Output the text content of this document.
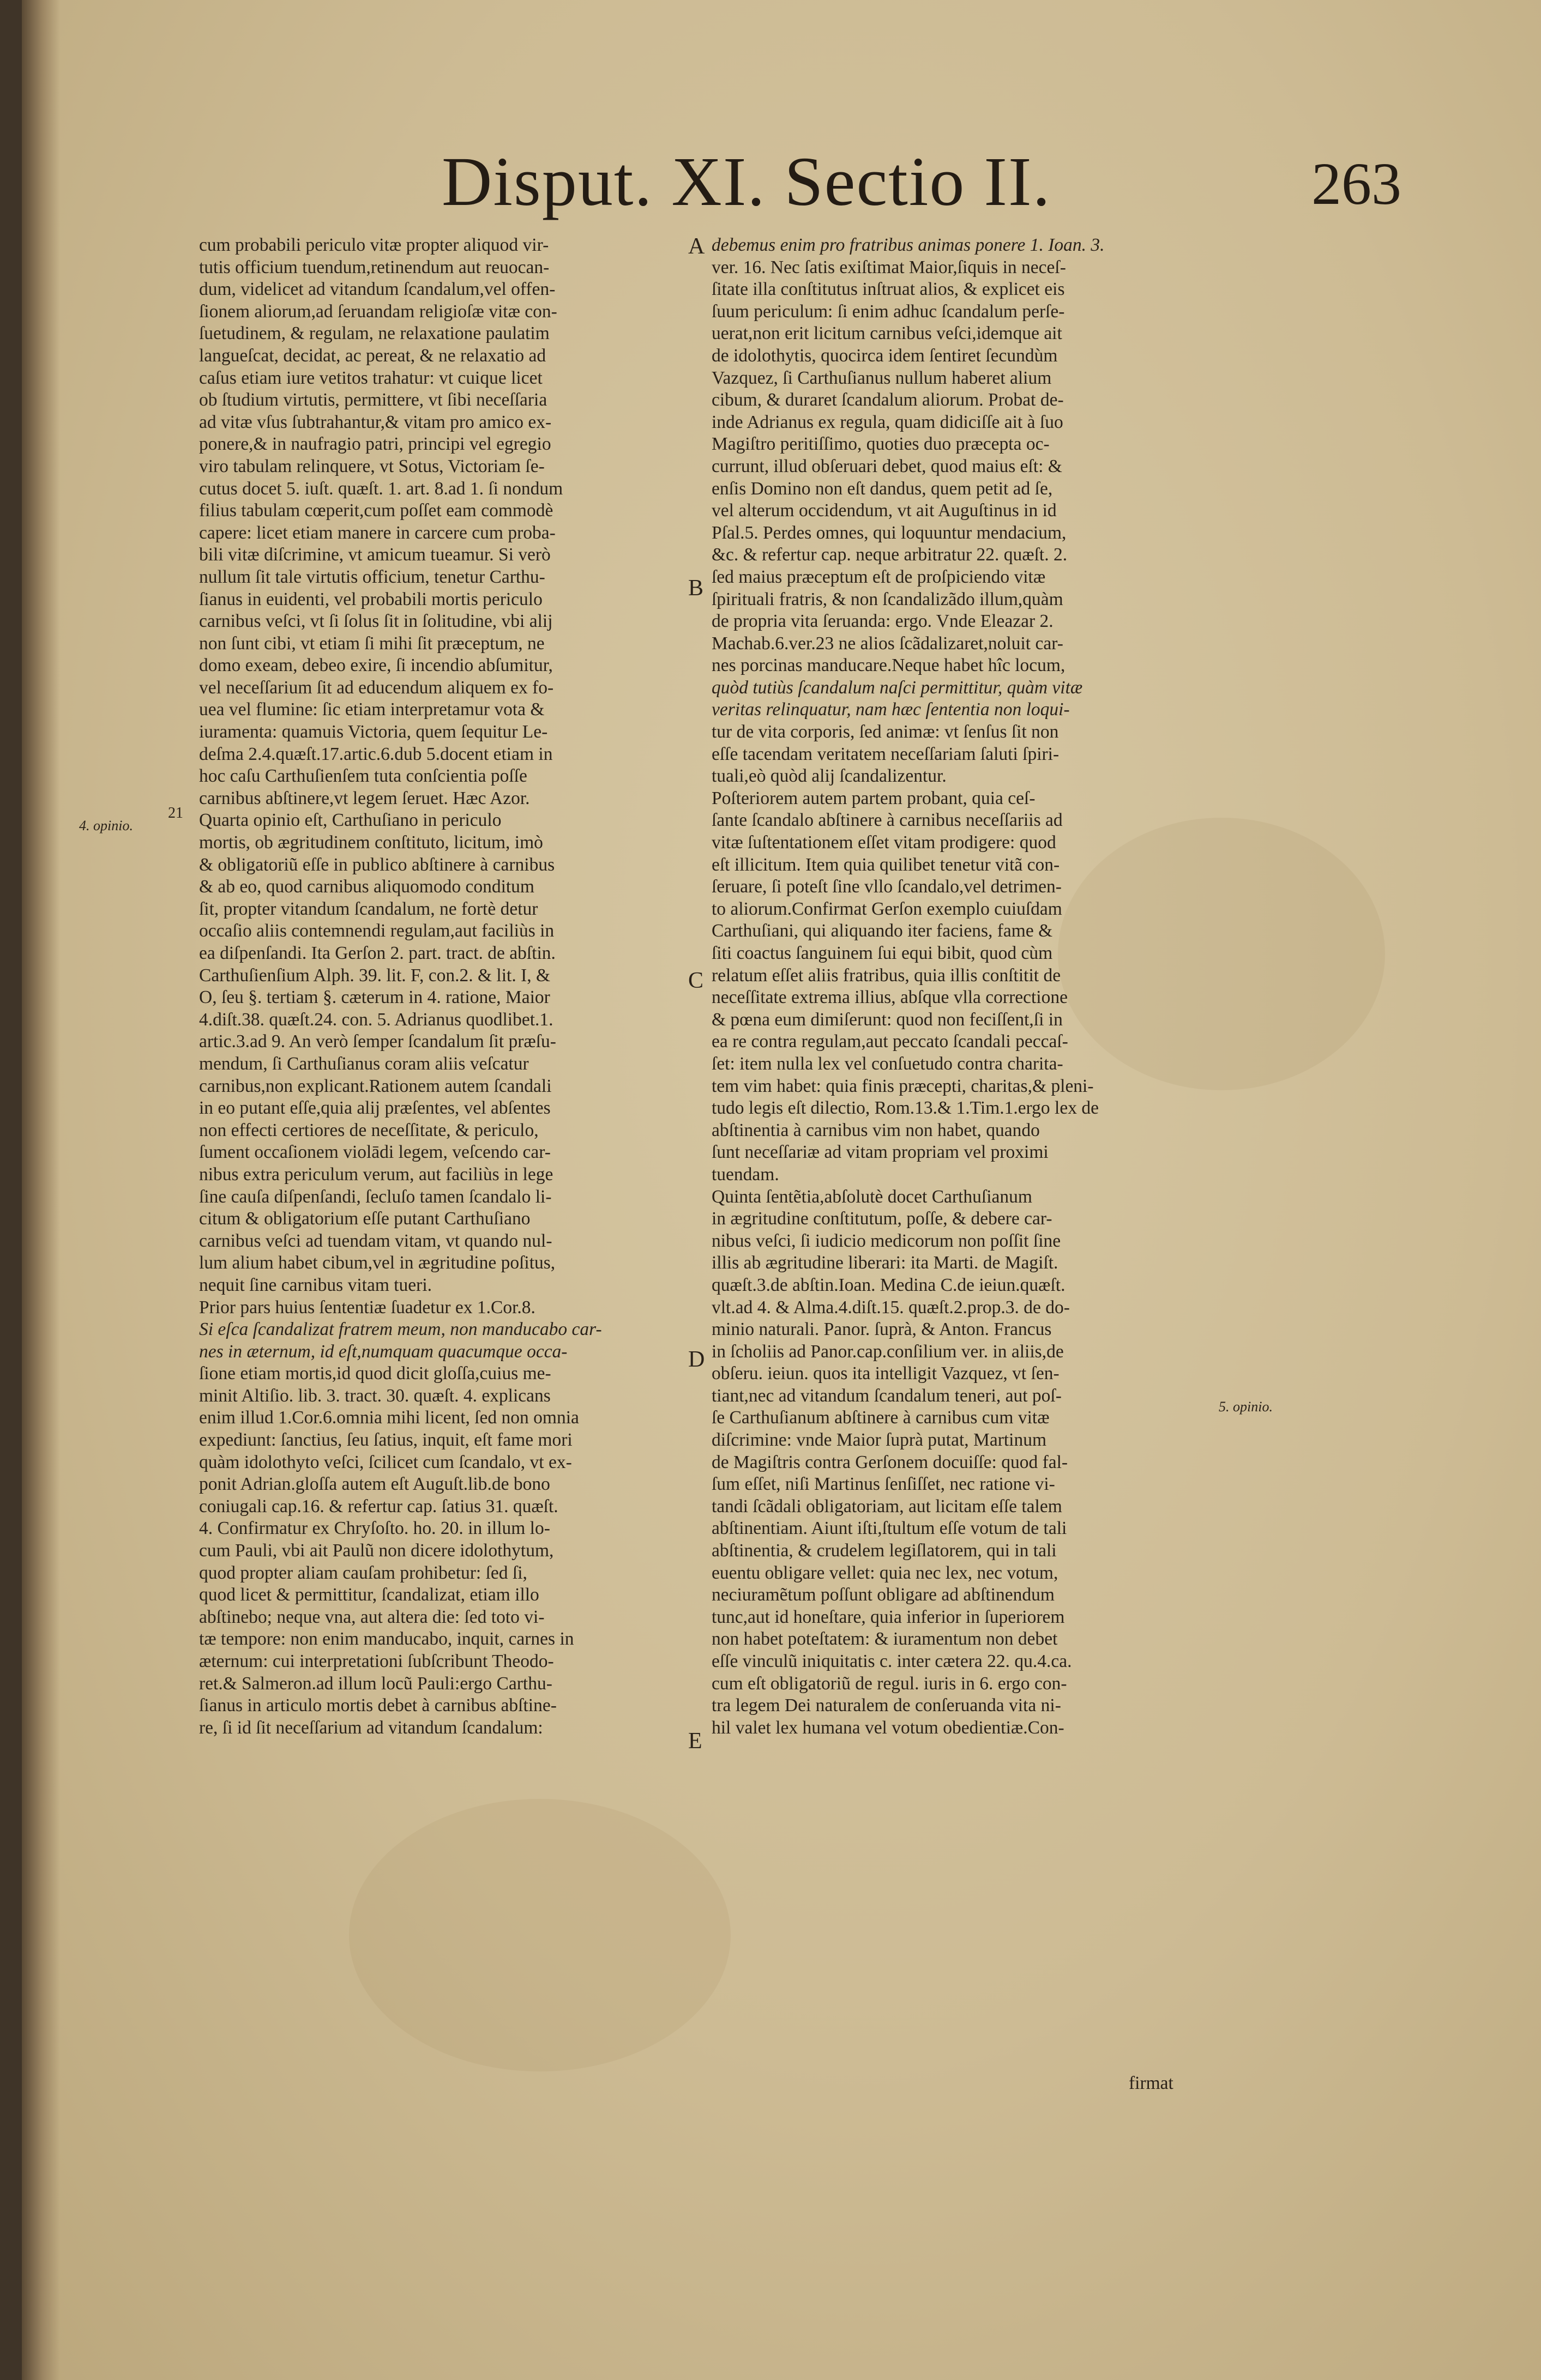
Disput. XI. Sectio II.	263
cum probabili periculo vitæ propter aliquod vir-
tutis officium tuendum,retinendum aut reuocan-
dum, videlicet ad vitandum ſcandalum,vel offen-
ſionem aliorum,ad ſeruandam religioſæ vitæ con-
ſuetudinem, & regulam, ne relaxatione paulatim
langueſcat, decidat, ac pereat, & ne relaxatio ad
caſus etiam iure vetitos trahatur: vt cuique licet
ob ſtudium virtutis, permittere, vt ſibi neceſſaria
ad vitæ vſus ſubtrahantur,& vitam pro amico ex-
ponere,& in naufragio patri, principi vel egregio
viro tabulam relinquere, vt Sotus, Victoriam ſe-
cutus docet 5. iuſt. quæſt. 1. art. 8.ad 1. ſi nondum
filius tabulam cœperit,cum poſſet eam commodè
capere: licet etiam manere in carcere cum proba-
bili vitæ diſcrimine, vt amicum tueamur. Si verò
nullum ſit tale virtutis officium, tenetur Carthu-
ſianus in euidenti, vel probabili mortis periculo
carnibus veſci, vt ſi ſolus ſit in ſolitudine, vbi alij
non ſunt cibi, vt etiam ſi mihi ſit præceptum, ne
domo exeam, debeo exire, ſi incendio abſumitur,
vel neceſſarium ſit ad educendum aliquem ex fo-
uea vel flumine: ſic etiam interpretamur vota &
iuramenta: quamuis Victoria, quem ſequitur Le-
deſma 2.4.quæſt.17.artic.6.dub 5.docent etiam in
hoc caſu Carthuſienſem tuta conſcientia poſſe
carnibus abſtinere,vt legem ſeruet. Hæc Azor.
Quarta opinio eſt, Carthuſiano in periculo
mortis, ob ægritudinem conſtituto, licitum, imò
& obligatoriũ eſſe in publico abſtinere à carnibus
& ab eo, quod carnibus aliquomodo conditum
ſit, propter vitandum ſcandalum, ne fortè detur
occaſio aliis contemnendi regulam,aut faciliùs in
ea diſpenſandi. Ita Gerſon 2. part. tract. de abſtin.
Carthuſienſium Alph. 39. lit. F, con.2. & lit. I, &
O, ſeu §. tertiam §. cæterum in 4. ratione, Maior
4.diſt.38. quæſt.24. con. 5. Adrianus quodlibet.1.
artic.3.ad 9. An verò ſemper ſcandalum ſit præſu-
mendum, ſi Carthuſianus coram aliis veſcatur
carnibus,non explicant.Rationem autem ſcandali
in eo putant eſſe,quia alij præſentes, vel abſentes
non effecti certiores de neceſſitate, & periculo,
ſument occaſionem violādi legem, veſcendo car-
nibus extra periculum verum, aut faciliùs in lege
ſine cauſa diſpenſandi, ſecluſo tamen ſcandalo li-
citum & obligatorium eſſe putant Carthuſiano
carnibus veſci ad tuendam vitam, vt quando nul-
lum alium habet cibum,vel in ægritudine poſitus,
nequit ſine carnibus vitam tueri.
Prior pars huius ſententiæ ſuadetur ex 1.Cor.8.
Si eſca ſcandalizat fratrem meum, non manducabo car-
nes in æternum, id eſt,numquam quacumque occa-
ſione etiam mortis,id quod dicit gloſſa,cuius me-
minit Altiſio. lib. 3. tract. 30. quæſt. 4. explicans
enim illud 1.Cor.6.omnia mihi licent, ſed non omnia
expediunt: ſanctius, ſeu ſatius, inquit, eſt fame mori
quàm idolothyto veſci, ſcilicet cum ſcandalo, vt ex-
ponit Adrian.gloſſa autem eſt Auguſt.lib.de bono
coniugali cap.16. & refertur cap. ſatius 31. quæſt.
4. Confirmatur ex Chryſoſto. ho. 20. in illum lo-
cum Pauli, vbi ait Paulũ non dicere idolothytum,
quod propter aliam cauſam prohibetur: ſed ſi,
quod licet & permittitur, ſcandalizat, etiam illo
abſtinebo; neque vna, aut altera die: ſed toto vi-
tæ tempore: non enim manducabo, inquit, carnes in
æternum: cui interpretationi ſubſcribunt Theodo-
ret.& Salmeron.ad illum locũ Pauli:ergo Carthu-
ſianus in articulo mortis debet à carnibus abſtine-
re, ſi id ſit neceſſarium ad vitandum ſcandalum:
debemus enim pro fratribus animas ponere 1. Ioan. 3.
ver. 16. Nec ſatis exiſtimat Maior,ſiquis in neceſ-
ſitate illa conſtitutus inſtruat alios, & explicet eis
ſuum periculum: ſi enim adhuc ſcandalum perſe-
uerat,non erit licitum carnibus veſci,idemque ait
de idolothytis, quocirca idem ſentiret ſecundùm
Vazquez, ſi Carthuſianus nullum haberet alium
cibum, & duraret ſcandalum aliorum. Probat de-
inde Adrianus ex regula, quam didiciſſe ait à ſuo
Magiſtro peritiſſimo, quoties duo præcepta oc-
currunt, illud obſeruari debet, quod maius eſt: &
enſis Domino non eſt dandus, quem petit ad ſe,
vel alterum occidendum, vt ait Auguſtinus in id
Pſal.5. Perdes omnes, qui loquuntur mendacium,
&c. & refertur cap. neque arbitratur 22. quæſt. 2.
ſed maius præceptum eſt de proſpiciendo vitæ
ſpirituali fratris, & non ſcandalizãdo illum,quàm
de propria vita ſeruanda: ergo. Vnde Eleazar 2.
Machab.6.ver.23 ne alios ſcãdalizaret,noluit car-
nes porcinas manducare.Neque habet hîc locum,
quòd tutiùs ſcandalum naſci permittitur, quàm vitæ
veritas relinquatur, nam hæc ſententia non loqui-
tur de vita corporis, ſed animæ: vt ſenſus ſit non
eſſe tacendam veritatem neceſſariam ſaluti ſpiri-
tuali,eò quòd alij ſcandalizentur.
Poſteriorem autem partem probant, quia ceſ-
ſante ſcandalo abſtinere à carnibus neceſſariis ad
vitæ ſuſtentationem eſſet vitam prodigere: quod
eſt illicitum. Item quia quilibet tenetur vitã con-
ſeruare, ſi poteſt ſine vllo ſcandalo,vel detrimen-
to aliorum.Confirmat Gerſon exemplo cuiuſdam
Carthuſiani, qui aliquando iter faciens, fame &
ſiti coactus ſanguinem ſui equi bibit, quod cùm
relatum eſſet aliis fratribus, quia illis conſtitit de
neceſſitate extrema illius, abſque vlla correctione
& pœna eum dimiſerunt: quod non feciſſent,ſi in
ea re contra regulam,aut peccato ſcandali peccaſ-
ſet: item nulla lex vel conſuetudo contra charita-
tem vim habet: quia finis præcepti, charitas,& pleni-
tudo legis eſt dilectio, Rom.13.& 1.Tim.1.ergo lex de
abſtinentia à carnibus vim non habet, quando
ſunt neceſſariæ ad vitam propriam vel proximi
tuendam.
Quinta ſentẽtia,abſolutè docet Carthuſianum
in ægritudine conſtitutum, poſſe, & debere car-
nibus veſci, ſi iudicio medicorum non poſſit ſine
illis ab ægritudine liberari: ita Marti. de Magiſt.
quæſt.3.de abſtin.Ioan. Medina C.de ieiun.quæſt.
vlt.ad 4. & Alma.4.diſt.15. quæſt.2.prop.3. de do-
minio naturali. Panor. ſuprà, & Anton. Francus
in ſcholiis ad Panor.cap.conſilium ver. in aliis,de
obſeru. ieiun. quos ita intelligit Vazquez, vt ſen-
tiant,nec ad vitandum ſcandalum teneri, aut poſ-
ſe Carthuſianum abſtinere à carnibus cum vitæ
diſcrimine: vnde Maior ſuprà putat, Martinum
de Magiſtris contra Gerſonem docuiſſe: quod fal-
ſum eſſet, niſi Martinus ſenſiſſet, nec ratione vi-
tandi ſcãdali obligatoriam, aut licitam eſſe talem
abſtinentiam. Aiunt iſti,ſtultum eſſe votum de tali
abſtinentia, & crudelem legiſlatorem, qui in tali
euentu obligare vellet: quia nec lex, nec votum,
neciuramẽtum poſſunt obligare ad abſtinendum
tunc,aut id honeſtare, quia inferior in ſuperiorem
non habet poteſtatem: & iuramentum non debet
eſſe vinculũ iniquitatis c. inter cætera 22. qu.4.ca.
cum eſt obligatoriũ de regul. iuris in 6. ergo con-
tra legem Dei naturalem de conſeruanda vita ni-
hil valet lex humana vel votum obedientiæ.Con-
A
B
C
D
E
21
4. opinio.
5. opinio.
firmat
